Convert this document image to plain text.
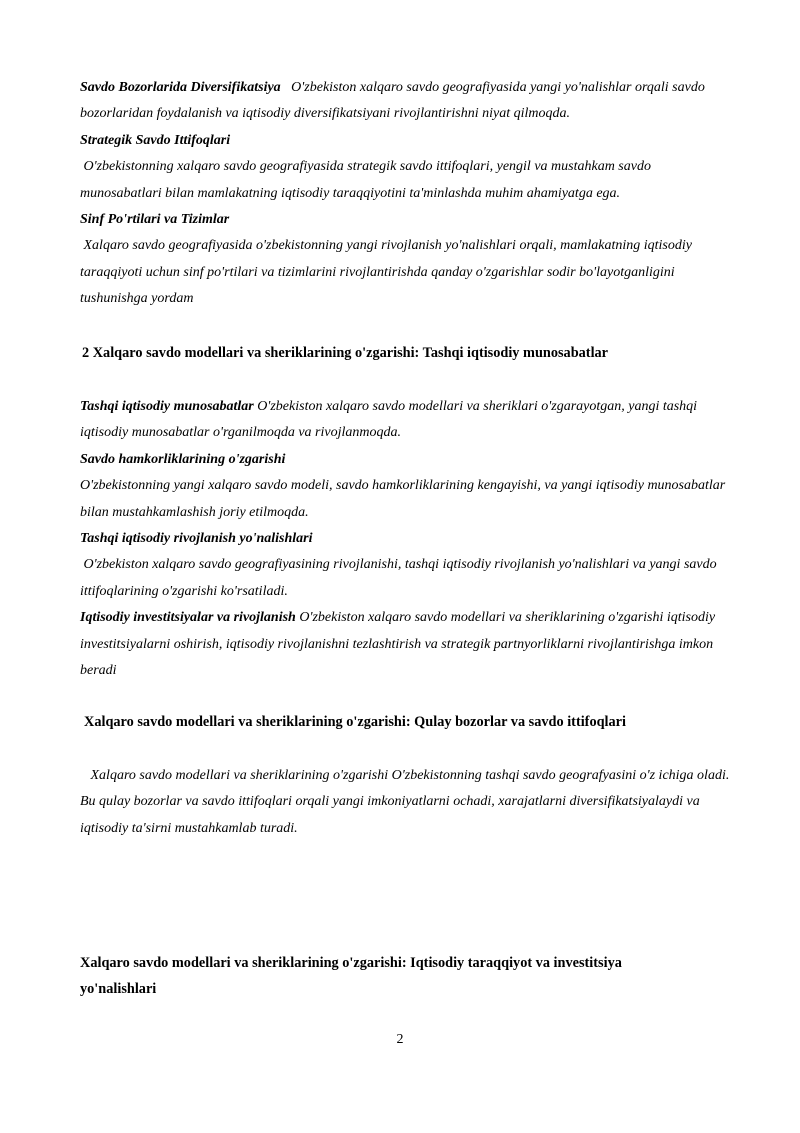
Savdo Bozorlarida Diversifikatsiya O'zbekiston xalqaro savdo geografiyasida yangi yo'nalishlar orqali savdo bozorlaridan foydalanish va iqtisodiy diversifikatsiyani rivojlantirishni niyat qilmoqda.
Strategik Savdo Ittifoqlari
O'zbekistonning xalqaro savdo geografiyasida strategik savdo ittifoqlari, yengil va mustahkam savdo munosabatlari bilan mamlakatning iqtisodiy taraqqiyotini ta'minlashda muhim ahamiyatga ega.
Sinf Po'rtilari va Tizimlar
Xalqaro savdo geografiyasida o'zbekistonning yangi rivojlanish yo'nalishlari orqali, mamlakatning iqtisodiy taraqqiyoti uchun sinf po'rtilari va tizimlarini rivojlantirishda qanday o'zgarishlar sodir bo'layotganligini tushunishga yordam
2 Xalqaro savdo modellari va sheriklarining o'zgarishi: Tashqi iqtisodiy munosabatlar
Tashqi iqtisodiy munosabatlar O'zbekiston xalqaro savdo modellari va sheriklari o'zgarayotgan, yangi tashqi iqtisodiy munosabatlar o'rganilmoqda va rivojlanmoqda.
Savdo hamkorliklarining o'zgarishi
O'zbekistonning yangi xalqaro savdo modeli, savdo hamkorliklarining kengayishi, va yangi iqtisodiy munosabatlar bilan mustahkamlashish joriy etilmoqda.
Tashqi iqtisodiy rivojlanish yo'nalishlari
O'zbekiston xalqaro savdo geografiyasining rivojlanishi, tashqi iqtisodiy rivojlanish yo'nalishlari va yangi savdo ittifoqlarining o'zgarishi ko'rsatiladi.
Iqtisodiy investitsiyalar va rivojlanish O'zbekiston xalqaro savdo modellari va sheriklarining o'zgarishi iqtisodiy investitsiyalarni oshirish, iqtisodiy rivojlanishni tezlashtirish va strategik partnyorliklarni rivojlantirishga imkon beradi
Xalqaro savdo modellari va sheriklarining o'zgarishi: Qulay bozorlar va savdo ittifoqlari
Xalqaro savdo modellari va sheriklarining o'zgarishi O'zbekistonning tashqi savdo geografyasini o'z ichiga oladi. Bu qulay bozorlar va savdo ittifoqlari orqali yangi imkoniyatlarni ochadi, xarajatlarni diversifikatsiyalaydi va iqtisodiy ta'sirni mustahkamlab turadi.
Xalqaro savdo modellari va sheriklarining o'zgarishi: Iqtisodiy taraqqiyot va investitsiya yo'nalishlari
2
